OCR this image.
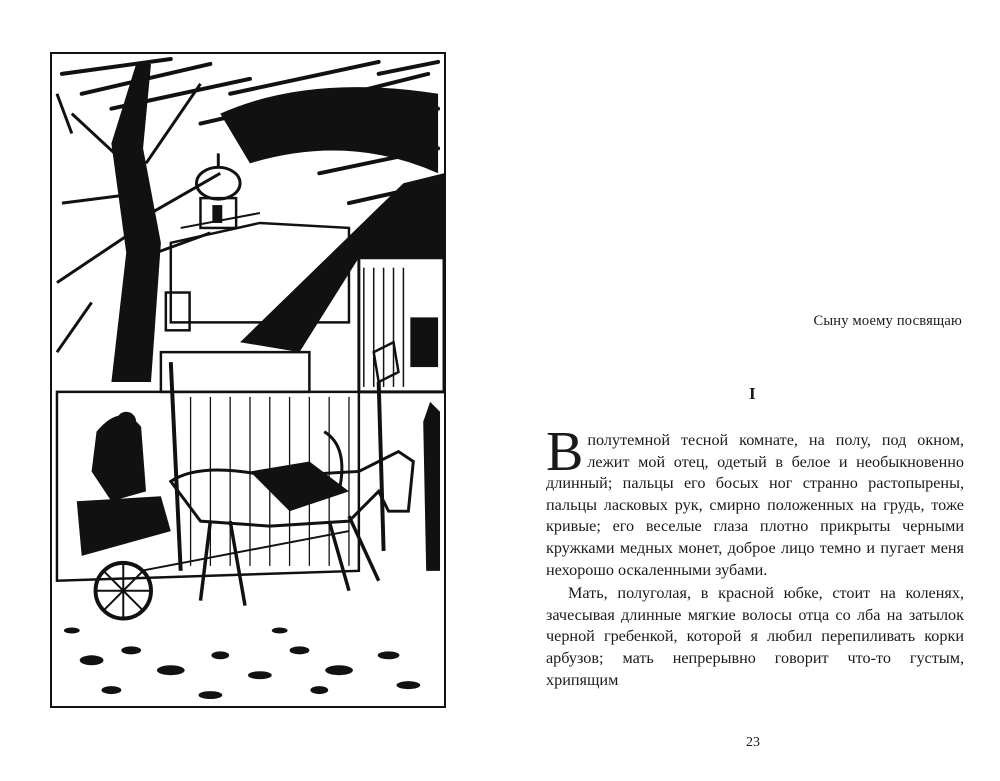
Сыну моему посвящаю
I

Вполутемной тесной комнате, на полу, под окном, лежит мой отец, одетый в белое и необыкновенно длинный; пальцы его босых ног странно растопырены, пальцы ласковых рук, смирно положенных на грудь, тоже кривые; его веселые глаза плотно прикрыты черными кружками медных монет, доброе лицо темно и пугает меня нехорошо оскаленными зубами.

Мать, полуголая, в красной юбке, стоит на коленях, зачесывая длинные мягкие волосы отца со лба на затылок черной гребенкой, которой я любил перепиливать корки арбузов; мать непрерывно говорит что-то густым, хрипящим

23
